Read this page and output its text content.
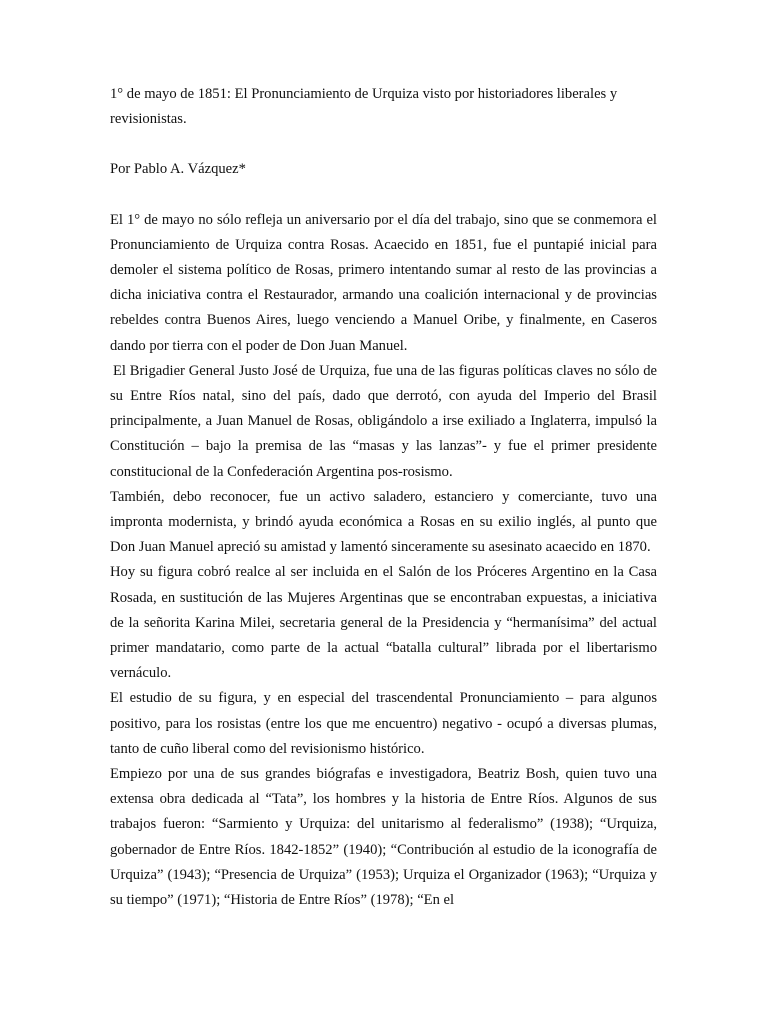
1° de mayo de 1851: El Pronunciamiento de Urquiza visto por historiadores liberales y revisionistas.

Por Pablo A. Vázquez*

El 1° de mayo no sólo refleja un aniversario por el día del trabajo, sino que se conmemora el Pronunciamiento de Urquiza contra Rosas. Acaecido en 1851, fue el puntapié inicial para demoler el sistema político de Rosas, primero intentando sumar al resto de las provincias a dicha iniciativa contra el Restaurador, armando una coalición internacional y de provincias rebeldes contra Buenos Aires, luego venciendo a Manuel Oribe, y finalmente, en Caseros dando por tierra con el poder de Don Juan Manuel.

El Brigadier General Justo José de Urquiza, fue una de las figuras políticas claves no sólo de su Entre Ríos natal, sino del país, dado que derrotó, con ayuda del Imperio del Brasil principalmente, a Juan Manuel de Rosas, obligándolo a irse exiliado a Inglaterra, impulsó la Constitución – bajo la premisa de las “masas y las lanzas”- y fue el primer presidente constitucional de la Confederación Argentina pos-rosismo.

También, debo reconocer, fue un activo saladero, estanciero y comerciante, tuvo una impronta modernista, y brindó ayuda económica a Rosas en su exilio inglés, al punto que Don Juan Manuel apreció su amistad y lamentó sinceramente su asesinato acaecido en 1870.

Hoy su figura cobró realce al ser incluida en el Salón de los Próceres Argentino en la Casa Rosada, en sustitución de las Mujeres Argentinas que se encontraban expuestas, a iniciativa de la señorita Karina Milei, secretaria general de la Presidencia y “hermanísima” del actual primer mandatario, como parte de la actual “batalla cultural” librada por el libertarismo vernáculo.

El estudio de su figura, y en especial del trascendental Pronunciamiento – para algunos positivo, para los rosistas (entre los que me encuentro) negativo - ocupó a diversas plumas, tanto de cuño liberal como del revisionismo histórico.

Empiezo por una de sus grandes biógrafas e investigadora, Beatriz Bosh, quien tuvo una extensa obra dedicada al “Tata”, los hombres y la historia de Entre Ríos. Algunos de sus trabajos fueron: “Sarmiento y Urquiza: del unitarismo al federalismo” (1938); “Urquiza, gobernador de Entre Ríos. 1842-1852” (1940); “Contribución al estudio de la iconografía de Urquiza” (1943); “Presencia de Urquiza” (1953); Urquiza el Organizador (1963); “Urquiza y su tiempo” (1971); “Historia de Entre Ríos” (1978); “En el
